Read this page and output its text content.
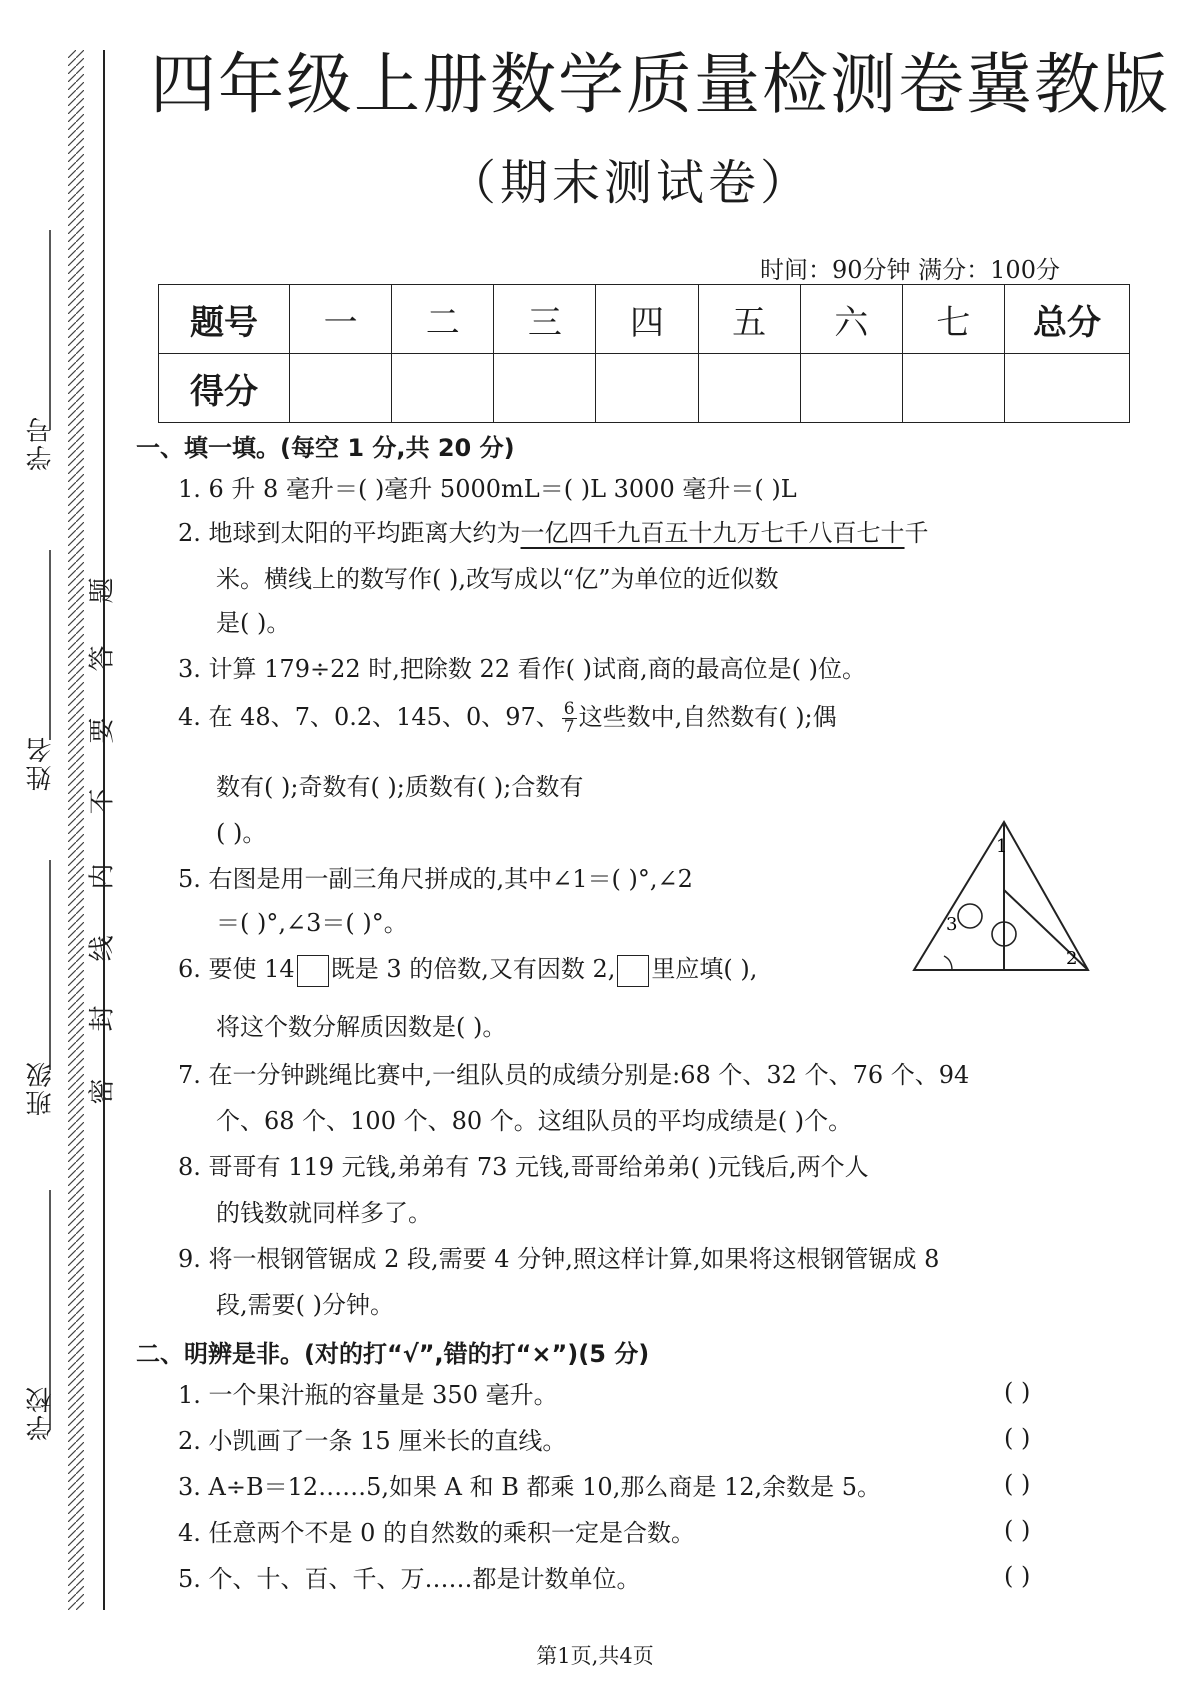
学号
姓名
班级
学校
题
答
要
不
内
线
封
密
四年级上册数学质量检测卷冀教版
（期末测试卷）
时间：90分钟 满分：100分
题号	一	二	三	四	五	六	七	总分
得分								
一、填一填。(每空 1 分,共 20 分)
1. 6 升 8 毫升＝( )毫升 5000mL＝( )L 3000 毫升＝( )L
2. 地球到太阳的平均距离大约为一亿四千九百五十九万七千八百七十千
米。横线上的数写作( ),改写成以“亿”为单位的近似数
是( )。
3. 计算 179÷22 时,把除数 22 看作( )试商,商的最高位是( )位。
4. 在 48、7、0.2、145、0、97、 $\frac{6}{7}$ 这些数中,自然数有( );偶
数有( );奇数有( );质数有( );合数有
( )。
5. 右图是用一副三角尺拼成的,其中∠1＝( )°,∠2
＝( )°,∠3＝( )°。
1
2
3
6. 要使 14 既是 3 的倍数,又有因数 2, 里应填( ),
将这个数分解质因数是( )。
7. 在一分钟跳绳比赛中,一组队员的成绩分别是:68 个、32 个、76 个、94
个、68 个、100 个、80 个。这组队员的平均成绩是( )个。
8. 哥哥有 119 元钱,弟弟有 73 元钱,哥哥给弟弟( )元钱后,两个人
的钱数就同样多了。
9. 将一根钢管锯成 2 段,需要 4 分钟,照这样计算,如果将这根钢管锯成 8
段,需要( )分钟。
二、明辨是非。(对的打“√”,错的打“×”)(5 分)
1. 一个果汁瓶的容量是 350 毫升。	( )
2. 小凯画了一条 15 厘米长的直线。	( )
3. A÷B＝12……5,如果 A 和 B 都乘 10,那么商是 12,余数是 5。	( )
4. 任意两个不是 0 的自然数的乘积一定是合数。	( )
5. 个、十、百、千、万……都是计数单位。	( )
第1页,共4页
